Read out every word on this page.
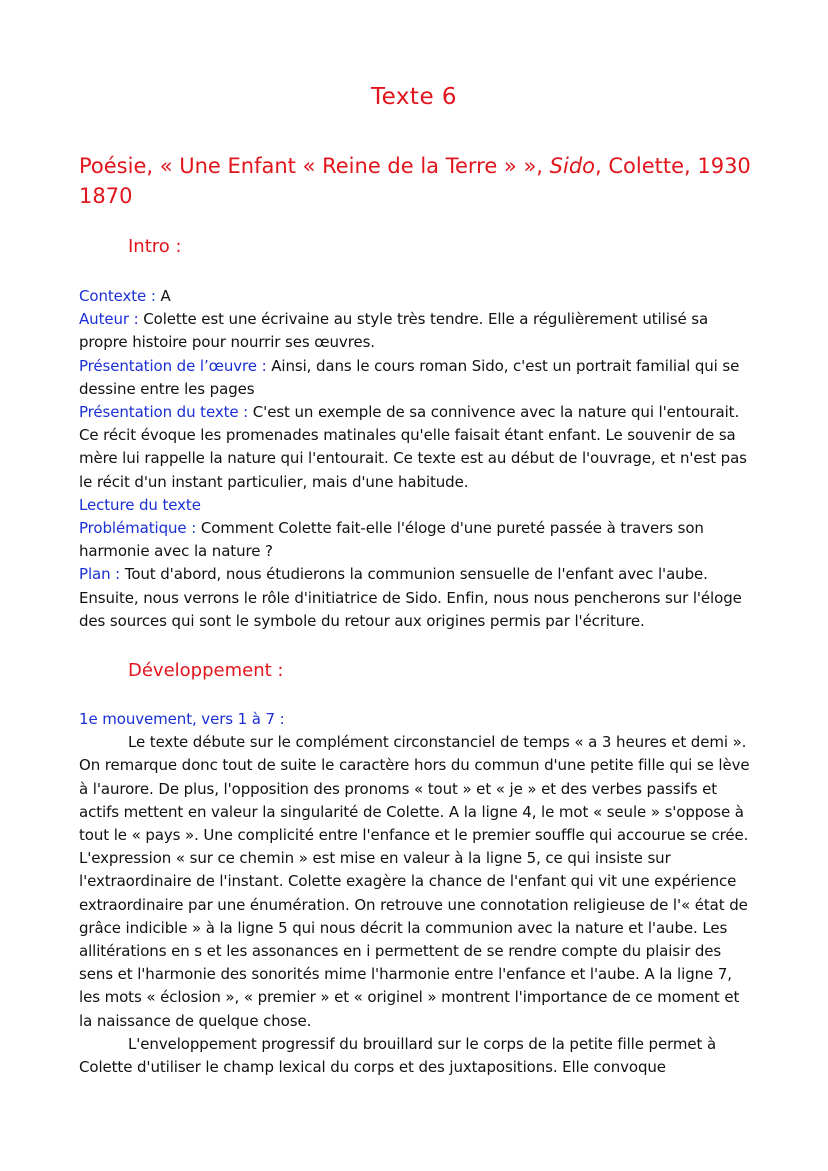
Texte 6
Poésie, « Une Enfant « Reine de la Terre » », Sido, Colette, 1930 1870
Intro :

Contexte : A

Auteur : Colette est une écrivaine au style très tendre. Elle a régulièrement utilisé sa propre histoire pour nourrir ses œuvres.

Présentation de l’œuvre : Ainsi, dans le cours roman Sido, c'est un portrait familial qui se dessine entre les pages

Présentation du texte : C'est un exemple de sa connivence avec la nature qui l'entourait. Ce récit évoque les promenades matinales qu'elle faisait étant enfant. Le souvenir de sa mère lui rappelle la nature qui l'entourait. Ce texte est au début de l'ouvrage, et n'est pas le récit d'un instant particulier, mais d'une habitude.

Lecture du texte

Problématique : Comment Colette fait-elle l'éloge d'une pureté passée à travers son harmonie avec la nature ?

Plan : Tout d'abord, nous étudierons la communion sensuelle de l'enfant avec l'aube. Ensuite, nous verrons le rôle d'initiatrice de Sido. Enfin, nous nous pencherons sur l'éloge des sources qui sont le symbole du retour aux origines permis par l'écriture.

Développement :

1e mouvement, vers 1 à 7 :

Le texte débute sur le complément circonstanciel de temps « a 3 heures et demi ». On remarque donc tout de suite le caractère hors du commun d'une petite fille qui se lève à l'aurore. De plus, l'opposition des pronoms « tout » et « je » et des verbes passifs et actifs mettent en valeur la singularité de Colette. A la ligne 4, le mot « seule » s'oppose à tout le « pays ». Une complicité entre l'enfance et le premier souffle qui accourue se crée. L'expression « sur ce chemin » est mise en valeur à la ligne 5, ce qui insiste sur l'extraordinaire de l'instant. Colette exagère la chance de l'enfant qui vit une expérience extraordinaire par une énumération. On retrouve une connotation religieuse de l'« état de grâce indicible » à la ligne 5 qui nous décrit la communion avec la nature et l'aube. Les allitérations en s et les assonances en i permettent de se rendre compte du plaisir des sens et l'harmonie des sonorités mime l'harmonie entre l'enfance et l'aube. A la ligne 7, les mots « éclosion », « premier » et « originel » montrent l'importance de ce moment et la naissance de quelque chose.

L'enveloppement progressif du brouillard sur le corps de la petite fille permet à Colette d'utiliser le champ lexical du corps et des juxtapositions. Elle convoque
